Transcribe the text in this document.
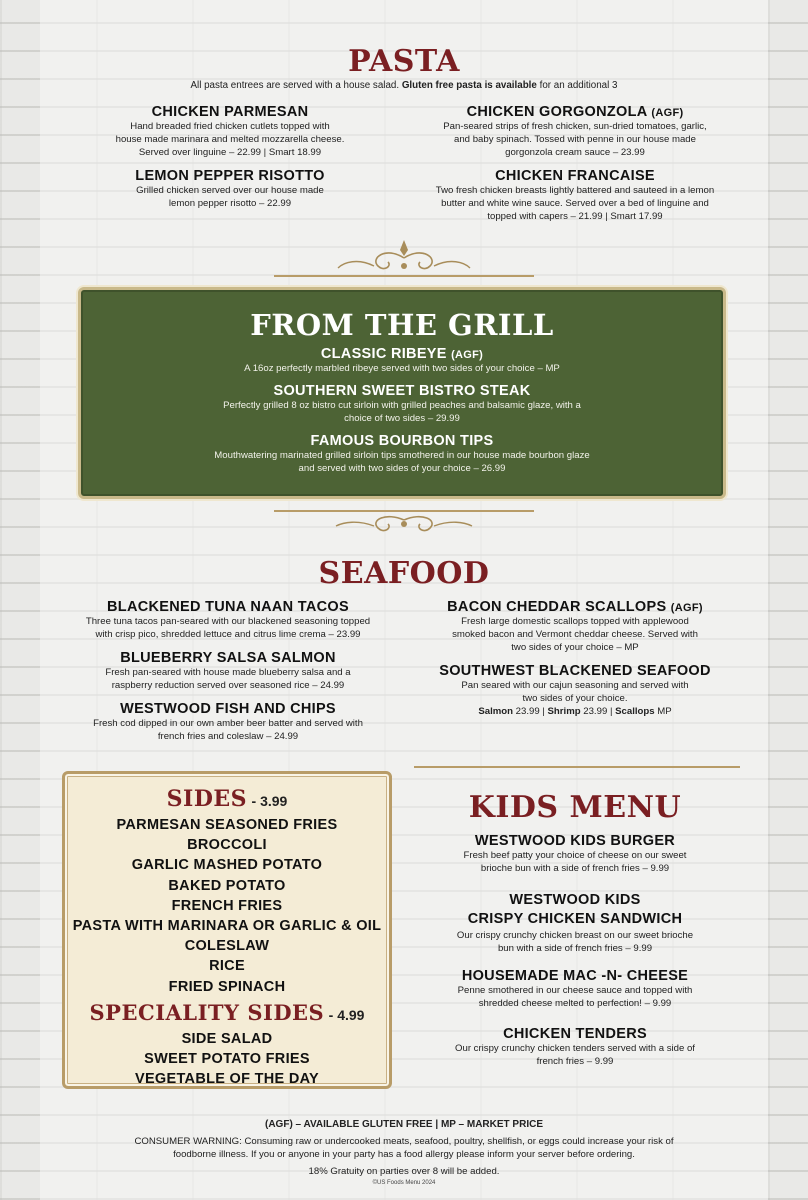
PASTA
All pasta entrees are served with a house salad. Gluten free pasta is available for an additional 3
CHICKEN PARMESAN
Hand breaded fried chicken cutlets topped with
house made marinara and melted mozzarella cheese.
Served over linguine – 22.99 | Smart 18.99
LEMON PEPPER RISOTTO
Grilled chicken served over our house made
lemon pepper risotto – 22.99
CHICKEN GORGONZOLA (AGF)
Pan-seared strips of fresh chicken, sun-dried tomatoes, garlic,
and baby spinach. Tossed with penne in our house made
gorgonzola cream sauce – 23.99
CHICKEN FRANCAISE
Two fresh chicken breasts lightly battered and sauteed in a lemon
butter and white wine sauce. Served over a bed of linguine and
topped with capers – 21.99 | Smart 17.99
FROM THE GRILL
CLASSIC RIBEYE (AGF)
A 16oz perfectly marbled ribeye served with two sides of your choice – MP
SOUTHERN SWEET BISTRO STEAK
Perfectly grilled 8 oz bistro cut sirloin with grilled peaches and balsamic glaze, with a
choice of two sides – 29.99
FAMOUS BOURBON TIPS
Mouthwatering marinated grilled sirloin tips smothered in our house made bourbon glaze
and served with two sides of your choice – 26.99
SEAFOOD
BLACKENED TUNA NAAN TACOS
Three tuna tacos pan-seared with our blackened seasoning topped
with crisp pico, shredded lettuce and citrus lime crema – 23.99
BLUEBERRY SALSA SALMON
Fresh pan-seared with house made blueberry salsa and a
raspberry reduction served over seasoned rice – 24.99
WESTWOOD FISH AND CHIPS
Fresh cod dipped in our own amber beer batter and served with
french fries and coleslaw – 24.99
BACON CHEDDAR SCALLOPS (AGF)
Fresh large domestic scallops topped with applewood
smoked bacon and Vermont cheddar cheese. Served with
two sides of your choice – MP
SOUTHWEST BLACKENED SEAFOOD
Pan seared with our cajun seasoning and served with
two sides of your choice.
Salmon 23.99 | Shrimp 23.99 | Scallops MP
SIDES - 3.99
PARMESAN SEASONED FRIES
BROCCOLI
GARLIC MASHED POTATO
BAKED POTATO
FRENCH FRIES
PASTA WITH MARINARA OR GARLIC & OIL
COLESLAW
RICE
FRIED SPINACH
SPECIALITY SIDES - 4.99
SIDE SALAD
SWEET POTATO FRIES
VEGETABLE OF THE DAY
KIDS MENU
WESTWOOD KIDS BURGER
Fresh beef patty your choice of cheese on our sweet
brioche bun with a side of french fries – 9.99
WESTWOOD KIDS
CRISPY CHICKEN SANDWICH
Our crispy crunchy chicken breast on our sweet brioche
bun with a side of french fries – 9.99
HOUSEMADE MAC -N- CHEESE
Penne smothered in our cheese sauce and topped with
shredded cheese melted to perfection! – 9.99
CHICKEN TENDERS
Our crispy crunchy chicken tenders served with a side of
french fries – 9.99
(AGF) – AVAILABLE GLUTEN FREE | MP – MARKET PRICE
CONSUMER WARNING: Consuming raw or undercooked meats, seafood, poultry, shellfish, or eggs could increase your risk of
foodborne illness. If you or anyone in your party has a food allergy please inform your server before ordering.
18% Gratuity on parties over 8 will be added.
©US Foods Menu 2024
